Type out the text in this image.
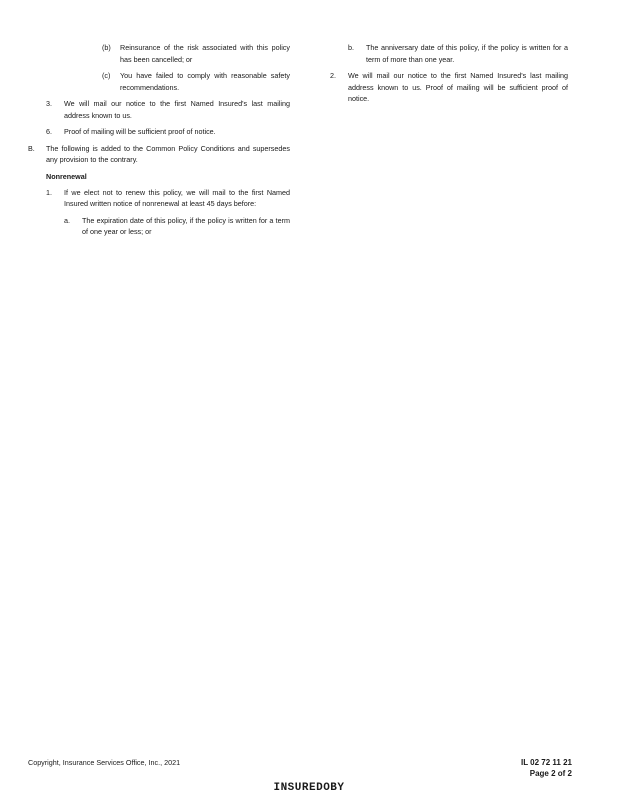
(b) Reinsurance of the risk associated with this policy has been cancelled; or
(c) You have failed to comply with reasonable safety recommendations.
3. We will mail our notice to the first Named Insured's last mailing address known to us.
6. Proof of mailing will be sufficient proof of notice.
B. The following is added to the Common Policy Conditions and supersedes any provision to the contrary.
Nonrenewal
1. If we elect not to renew this policy, we will mail to the first Named Insured written notice of nonrenewal at least 45 days before:
a. The expiration date of this policy, if the policy is written for a term of one year or less; or
b. The anniversary date of this policy, if the policy is written for a term of more than one year.
2. We will mail our notice to the first Named Insured's last mailing address known to us. Proof of mailing will be sufficient proof of notice.
Copyright, Insurance Services Office, Inc., 2021	IL 02 72 11 21
Page 2 of 2
INSUREDOBY
